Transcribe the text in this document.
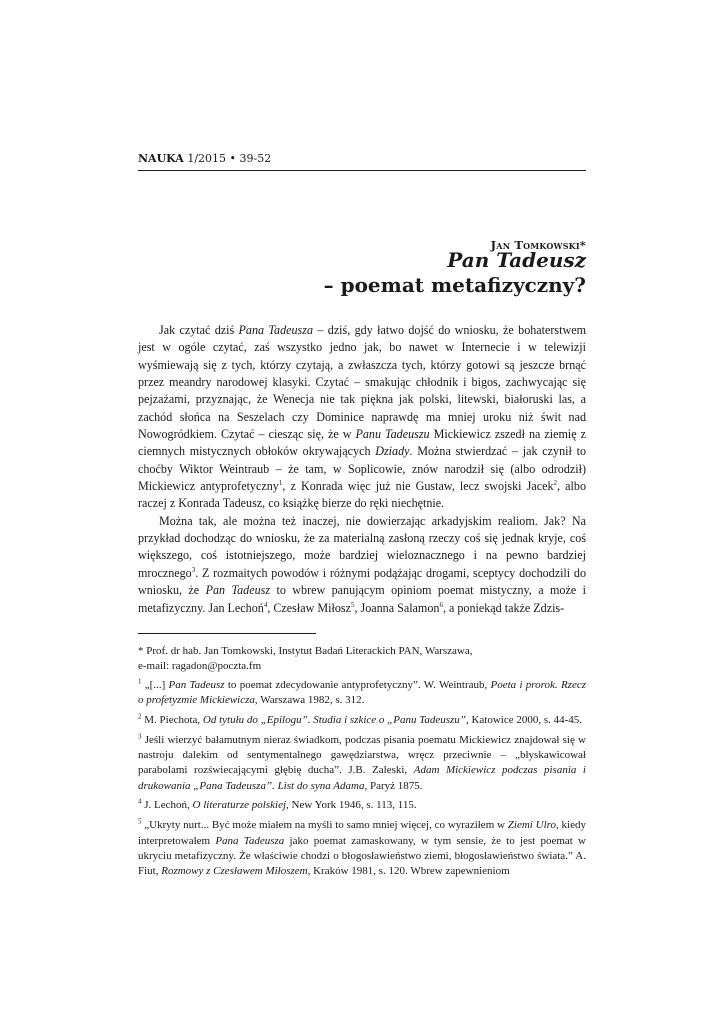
NAUKA 1/2015 • 39-52
Jan Tomkowski*
Pan Tadeusz
– poemat metafizyczny?

Jak czytać dziś Pana Tadeusza – dziś, gdy łatwo dojść do wniosku, że bohaterstwem jest w ogóle czytać, zaś wszystko jedno jak, bo nawet w Internecie i w telewizji wyśmiewają się z tych, którzy czytają, a zwłaszcza tych, którzy gotowi są jeszcze brnąć przez meandry narodowej klasyki. Czytać – smakując chłodnik i bigos, zachwycając się pejzażami, przyznając, że Wenecja nie tak piękna jak polski, litewski, białoruski las, a zachód słońca na Seszelach czy Dominice naprawdę ma mniej uroku niż świt nad Nowogródkiem. Czytać – ciesząc się, że w Panu Tadeuszu Mickiewicz zszedł na ziemię z ciemnych mistycznych obłoków okrywających Dziady. Można stwierdzać – jak czynił to choćby Wiktor Weintraub – że tam, w Soplicowie, znów narodził się (albo odrodził) Mickiewicz antyprofetyczny$^1$, z Konrada więc już nie Gustaw, lecz swojski Jacek$^2$, albo raczej z Konrada Tadeusz, co książkę bierze do ręki niechętnie.

Można tak, ale można też inaczej, nie dowierzając arkadyjskim realiom. Jak? Na przykład dochodząc do wniosku, że za materialną zasłoną rzeczy coś się jednak kryje, coś większego, coś istotniejszego, może bardziej wieloznacznego i na pewno bardziej mrocznego$^3$. Z rozmaitych powodów i różnymi podążając drogami, sceptycy dochodzili do wniosku, że Pan Tadeusz to wbrew panującym opiniom poemat mistyczny, a może i metafizyczny. Jan Lechoń$^4$, Czesław Miłosz$^5$, Joanna Salamon$^6$, a poniekąd także Zdzis-

* Prof. dr hab. Jan Tomkowski, Instytut Badań Literackich PAN, Warszawa,
e-mail: ragadon@poczta.fm
$^1$ „[...] Pan Tadeusz to poemat zdecydowanie antyprofetyczny”. W. Weintraub, Poeta i prorok. Rzecz o profetyzmie Mickiewicza, Warszawa 1982, s. 312.
$^2$ M. Piechota, Od tytułu do „Epilogu”. Studia i szkice o „Panu Tadeuszu”, Katowice 2000, s. 44-45.
$^3$ Jeśli wierzyć bałamutnym nieraz świadkom, podczas pisania poematu Mickiewicz znajdował się w nastroju dalekim od sentymentalnego gawędziarstwa, wręcz przeciwnie – „błyskawicował parabolami rozświecającymi głębię ducha”. J.B. Zaleski, Adam Mickiewicz podczas pisania i drukowania „Pana Tadeusza”. List do syna Adama, Paryż 1875.
$^4$ J. Lechoń, O literaturze polskiej, New York 1946, s. 113, 115.
$^5$ „Ukryty nurt... Być może miałem na myśli to samo mniej więcej, co wyraziłem w Ziemi Ulro, kiedy interpretowałem Pana Tadeusza jako poemat zamaskowany, w tym sensie, że to jest poemat w ukryciu metafizyczny. Że właściwie chodzi o błogosławieństwo ziemi, błogosławieństwo świata.” A. Fiut, Rozmowy z Czesławem Miłoszem, Kraków 1981, s. 120. Wbrew zapewnieniom
